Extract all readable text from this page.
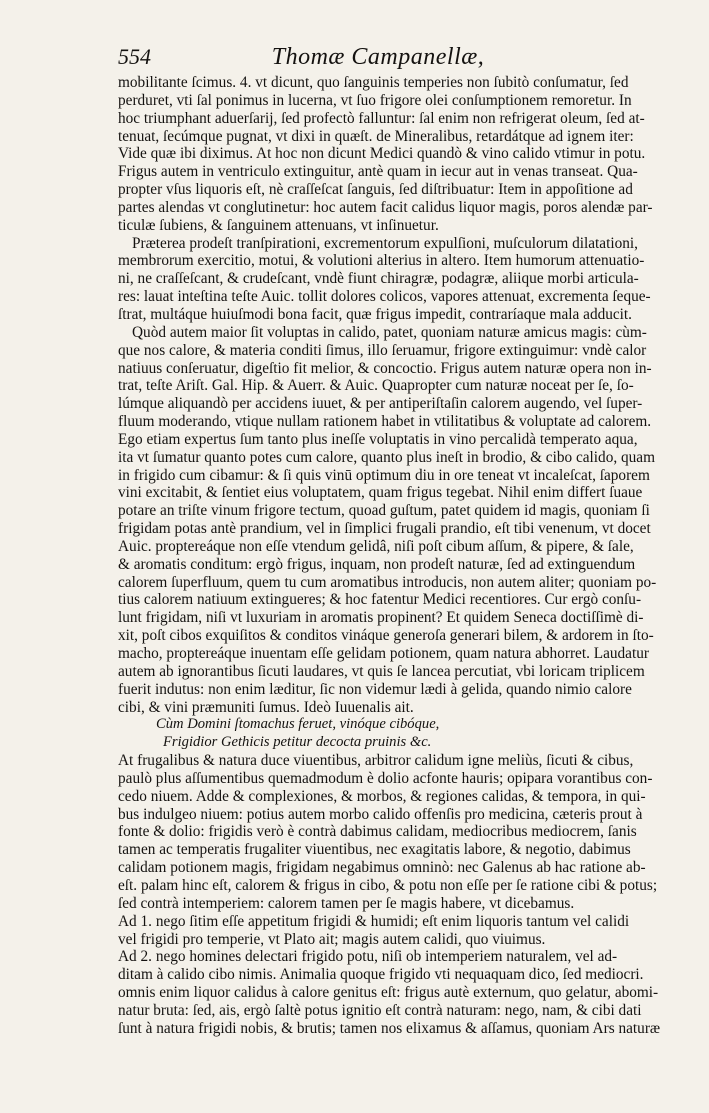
554	Thomæ Campanellæ,
mobilitante ſcimus. 4. vt dicunt, quo ſanguinis temperies non ſubitò conſumatur, ſed
perduret, vti ſal ponimus in lucerna, vt ſuo frigore olei conſumptionem remoretur. In
hoc triumphant aduerſarij, ſed profectò falluntur: ſal enim non refrigerat oleum, ſed at-
tenuat, ſecúmque pugnat, vt dixi in quæſt. de Mineralibus, retardátque ad ignem iter:
Vide quæ ibi diximus. At hoc non dicunt Medici quandò & vino calido vtimur in potu.
Frigus autem in ventriculo extinguitur, antè quam in iecur aut in venas transeat. Qua-
propter vſus liquoris eſt, nè craſſeſcat ſanguis, ſed diſtribuatur: Item in appoſitione ad
partes alendas vt conglutinetur: hoc autem facit calidus liquor magis, poros alendæ par-
ticulæ ſubiens, & ſanguinem attenuans, vt inſinuetur.
Præterea prodeſt tranſpirationi, excrementorum expulſioni, muſculorum dilatationi,
membrorum exercitio, motui, & volutioni alterius in altero. Item humorum attenuatio-
ni, ne craſſeſcant, & crudeſcant, vndè fiunt chiragræ, podagræ, aliique morbi articula-
res: lauat inteſtina teſte Auic. tollit dolores colicos, vapores attenuat, excrementa ſeque-
ſtrat, multáque huiuſmodi bona facit, quæ frigus impedit, contraríaque mala adducit.
Quòd autem maior ſit voluptas in calido, patet, quoniam naturæ amicus magis: cùm-
que nos calore, & materia conditi ſimus, illo ſeruamur, frigore extinguimur: vndè calor
natiuus conſeruatur, digeſtio fit melior, & concoctio. Frigus autem naturæ opera non in-
trat, teſte Ariſt. Gal. Hip. & Auerr. & Auic. Quapropter cum naturæ noceat per ſe, ſo-
lúmque aliquandò per accidens iuuet, & per antiperiſtaſin calorem augendo, vel ſuper-
fluum moderando, vtique nullam rationem habet in vtilitatibus & voluptate ad calorem.
Ego etiam expertus ſum tanto plus ineſſe voluptatis in vino percalidà temperato aqua,
ita vt ſumatur quanto potes cum calore, quanto plus ineſt in brodio, & cibo calido, quam
in frigido cum cibamur: & ſi quis vinū optimum diu in ore teneat vt incaleſcat, ſaporem
vini excitabit, & ſentiet eius voluptatem, quam frigus tegebat. Nihil enim differt ſuaue
potare an triſte vinum frigore tectum, quoad guſtum, patet quidem id magis, quoniam ſi
frigidam potas antè prandium, vel in ſimplici frugali prandio, eſt tibi venenum, vt docet
Auic. proptereáque non eſſe vtendum gelidâ, niſi poſt cibum aſſum, & pipere, & ſale,
& aromatis conditum: ergò frigus, inquam, non prodeſt naturæ, ſed ad extinguendum
calorem ſuperfluum, quem tu cum aromatibus introducis, non autem aliter; quoniam po-
tius calorem natiuum extingueres; & hoc fatentur Medici recentiores. Cur ergò conſu-
lunt frigidam, niſi vt luxuriam in aromatis propinent? Et quidem Seneca doctiſſimè di-
xit, poſt cibos exquiſitos & conditos vináque generoſa generari bilem, & ardorem in ſto-
macho, proptereáque inuentam eſſe gelidam potionem, quam natura abhorret. Laudatur
autem ab ignorantibus ſicuti laudares, vt quis ſe lancea percutiat, vbi loricam triplicem
fuerit indutus: non enim læditur, ſic non videmur lædi à gelida, quando nimio calore
cibi, & vini præmuniti ſumus. Ideò Iuuenalis ait.
Cùm Domini ſtomachus feruet, vinóque cibóque,
Frigidior Gethicis petitur decocta pruinis &c.
At frugalibus & natura duce viuentibus, arbitror calidum igne meliùs, ſicuti & cibus,
paulò plus aſſumentibus quemadmodum è dolio acfonte hauris; opipara vorantibus con-
cedo niuem. Adde & complexiones, & morbos, & regiones calidas, & tempora, in qui-
bus indulgeo niuem: potius autem morbo calido offenſis pro medicina, cæteris prout à
fonte & dolio: frigidis verò è contrà dabimus calidam, mediocribus mediocrem, ſanis
tamen ac temperatis frugaliter viuentibus, nec exagitatis labore, & negotio, dabimus
calidam potionem magis, frigidam negabimus omninò: nec Galenus ab hac ratione ab-
eſt. palam hinc eſt, calorem & frigus in cibo, & potu non eſſe per ſe ratione cibi & potus;
ſed contrà intemperiem: calorem tamen per ſe magis habere, vt dicebamus.
Ad 1. nego ſitim eſſe appetitum frigidi & humidi; eſt enim liquoris tantum vel calidi
vel frigidi pro temperie, vt Plato ait; magis autem calidi, quo viuimus.
Ad 2. nego homines delectari frigido potu, niſi ob intemperiem naturalem, vel ad-
ditam à calido cibo nimis. Animalia quoque frigido vti nequaquam dico, ſed mediocri.
omnis enim liquor calidus à calore genitus eſt: frigus autè externum, quo gelatur, abomi-
natur bruta: ſed, ais, ergò ſaltè potus ignitio eſt contrà naturam: nego, nam, & cibi dati
ſunt à natura frigidi nobis, & brutis; tamen nos elixamus & aſſamus, quoniam Ars naturæ
